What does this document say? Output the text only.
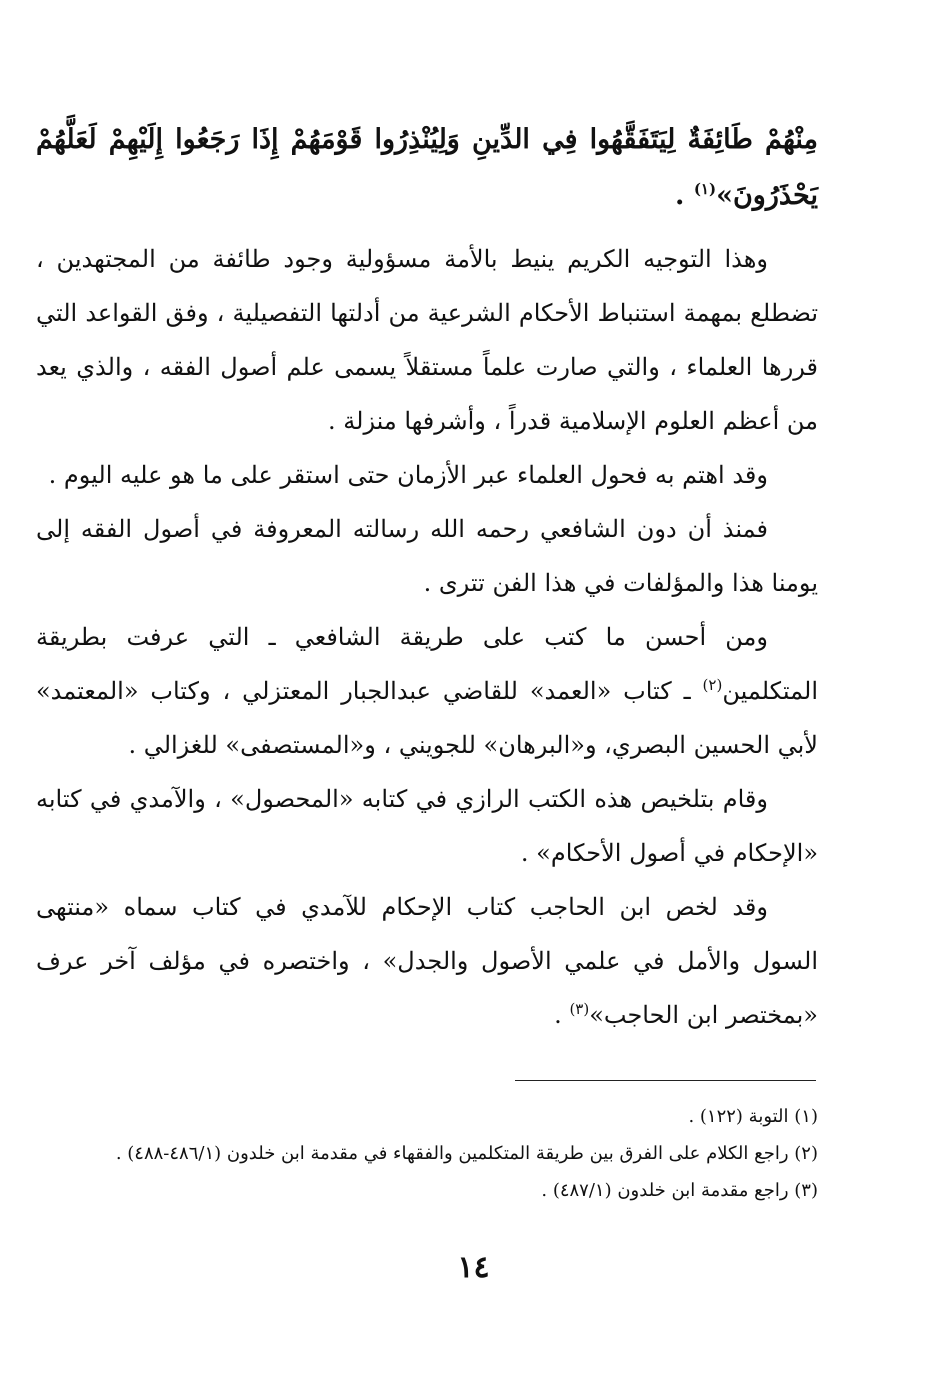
مِنْهُمْ طَائِفَةٌ لِيَتَفَقَّهُوا فِي الدِّينِ وَلِيُنْذِرُوا قَوْمَهُمْ إِذَا رَجَعُوا إِلَيْهِمْ لَعَلَّهُمْ يَحْذَرُونَ»$^{(١)}$ .

وهذا التوجيه الكريم ينيط بالأمة مسؤولية وجود طائفة من المجتهدين ، تضطلع بمهمة استنباط الأحكام الشرعية من أدلتها التفصيلية ، وفق القواعد التي قررها العلماء ، والتي صارت علماً مستقلاً يسمى علم أصول الفقه ، والذي يعد من أعظم العلوم الإسلامية قدراً ، وأشرفها منزلة .

وقد اهتم به فحول العلماء عبر الأزمان حتى استقر على ما هو عليه اليوم .

فمنذ أن دون الشافعي رحمه الله رسالته المعروفة في أصول الفقه إلى يومنا هذا والمؤلفات في هذا الفن تترى .

ومن أحسن ما كتب على طريقة الشافعي ـ التي عرفت بطريقة المتكلمين$^{(٢)}$ ـ كتاب «العمد» للقاضي عبدالجبار المعتزلي ، وكتاب «المعتمد» لأبي الحسين البصري، و«البرهان» للجويني ، و«المستصفى» للغزالي .

وقام بتلخيص هذه الكتب الرازي في كتابه «المحصول» ، والآمدي في كتابه «الإحكام في أصول الأحكام» .

وقد لخص ابن الحاجب كتاب الإحكام للآمدي في كتاب سماه «منتهى السول والأمل في علمي الأصول والجدل» ، واختصره في مؤلف آخر عرف «بمختصر ابن الحاجب»$^{(٣)}$ .

(١) التوبة (١٢٢) .

(٢) راجع الكلام على الفرق بين طريقة المتكلمين والفقهاء في مقدمة ابن خلدون (٤٨٦/١-٤٨٨) .

(٣) راجع مقدمة ابن خلدون (٤٨٧/١) .

١٤
